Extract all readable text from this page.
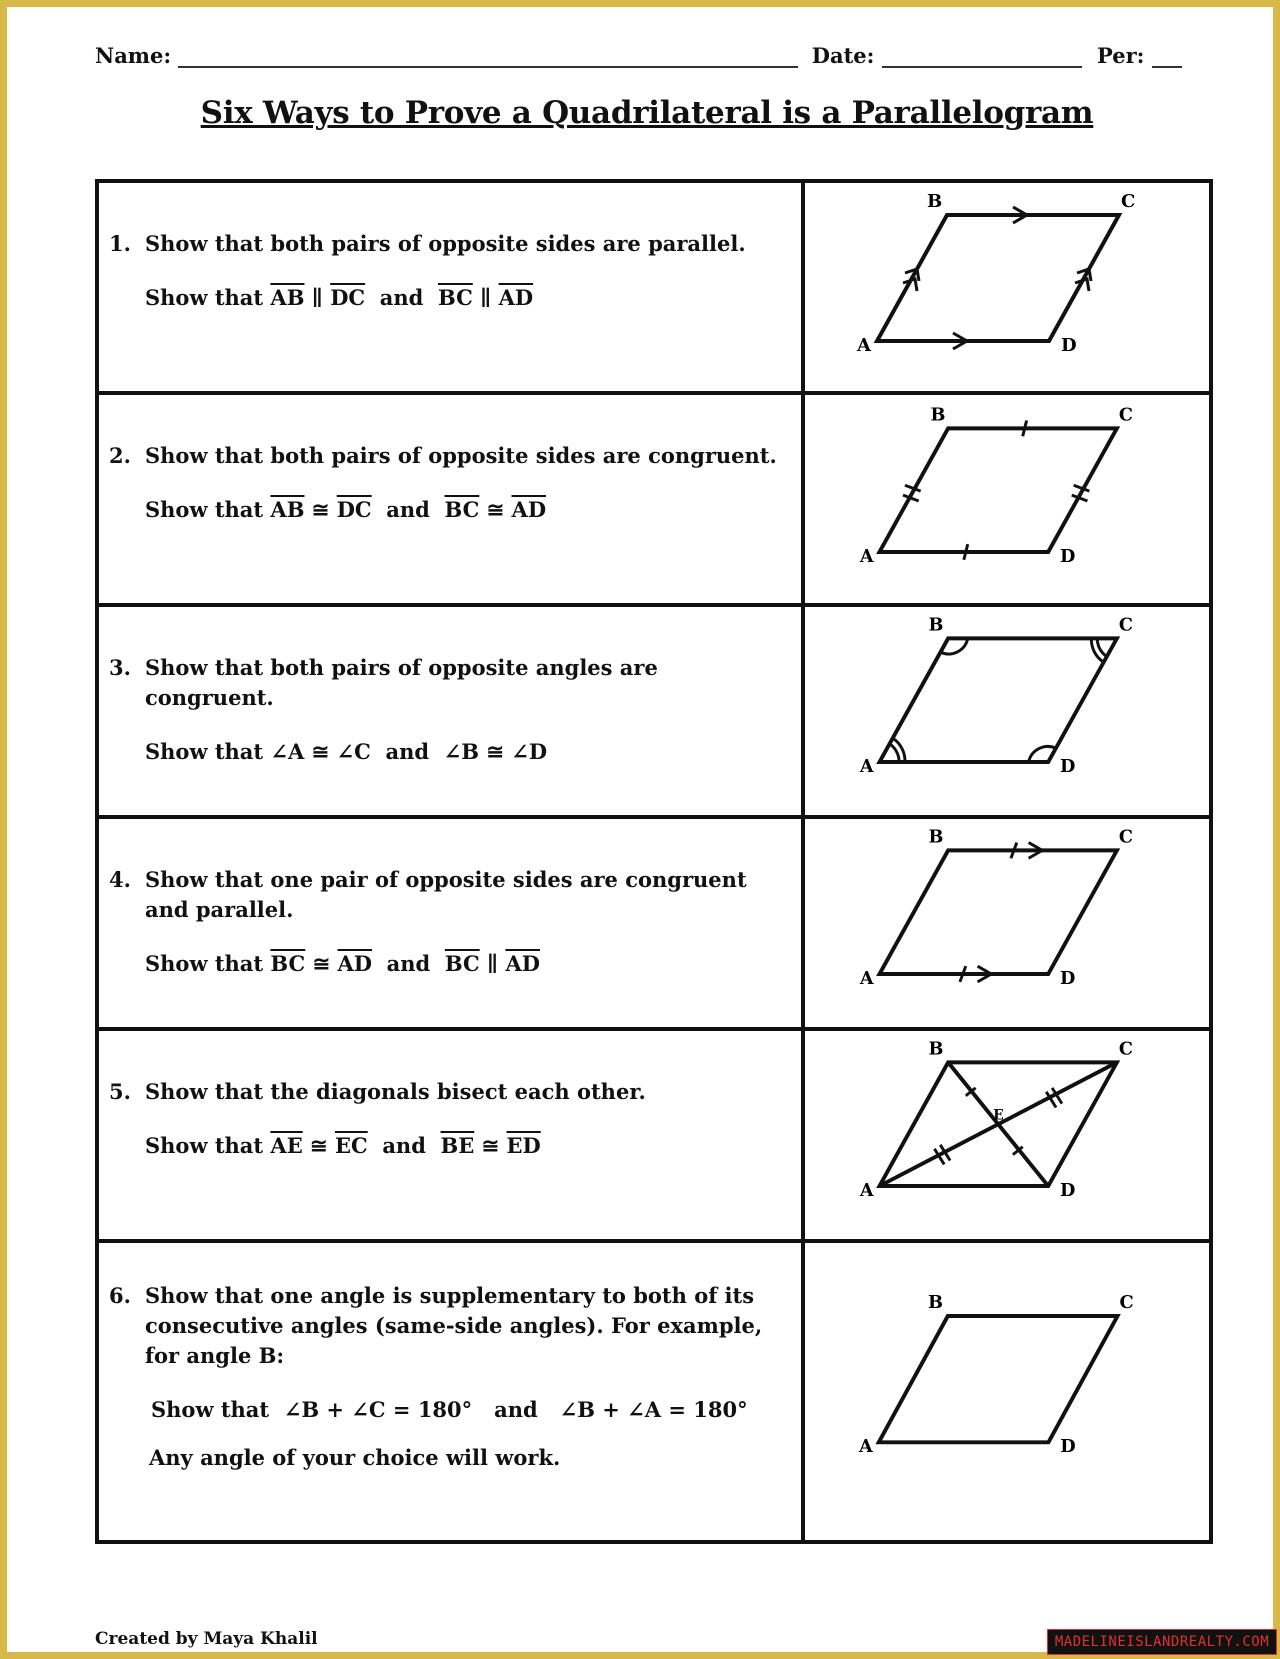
Name:	Date:	Per:
Six Ways to Prove a Quadrilateral is a Parallelogram
1. Show that both pairs of opposite sides are parallel.
Show that $\overline{AB}$ ∥ $\overline{DC}$ and $\overline{BC}$ ∥ $\overline{AD}$
A
B	C
D
2. Show that both pairs of opposite sides are congruent.
Show that $\overline{AB}$ ≅ $\overline{DC}$ and $\overline{BC}$ ≅ $\overline{AD}$
A
B	C
D
3. Show that both pairs of opposite angles are congruent.
Show that ∠A ≅ ∠C and ∠B ≅ ∠D
A
B	C
D
4. Show that one pair of opposite sides are congruent and parallel.
Show that $\overline{BC}$ ≅ $\overline{AD}$ and $\overline{BC}$ ∥ $\overline{AD}$
A
B	C
D
5. Show that the diagonals bisect each other.
Show that $\overline{AE}$ ≅ $\overline{EC}$ and $\overline{BE}$ ≅ $\overline{ED}$
A
B	C
D
E
6. Show that one angle is supplementary to both of its consecutive angles (same-side angles). For example, for angle B:
Show that ∠B + ∠C = 180° and ∠B + ∠A = 180°
Any angle of your choice will work.	A
B	C
D
Created by Maya Khalil	MADELINEISLANDREALTY.COM
